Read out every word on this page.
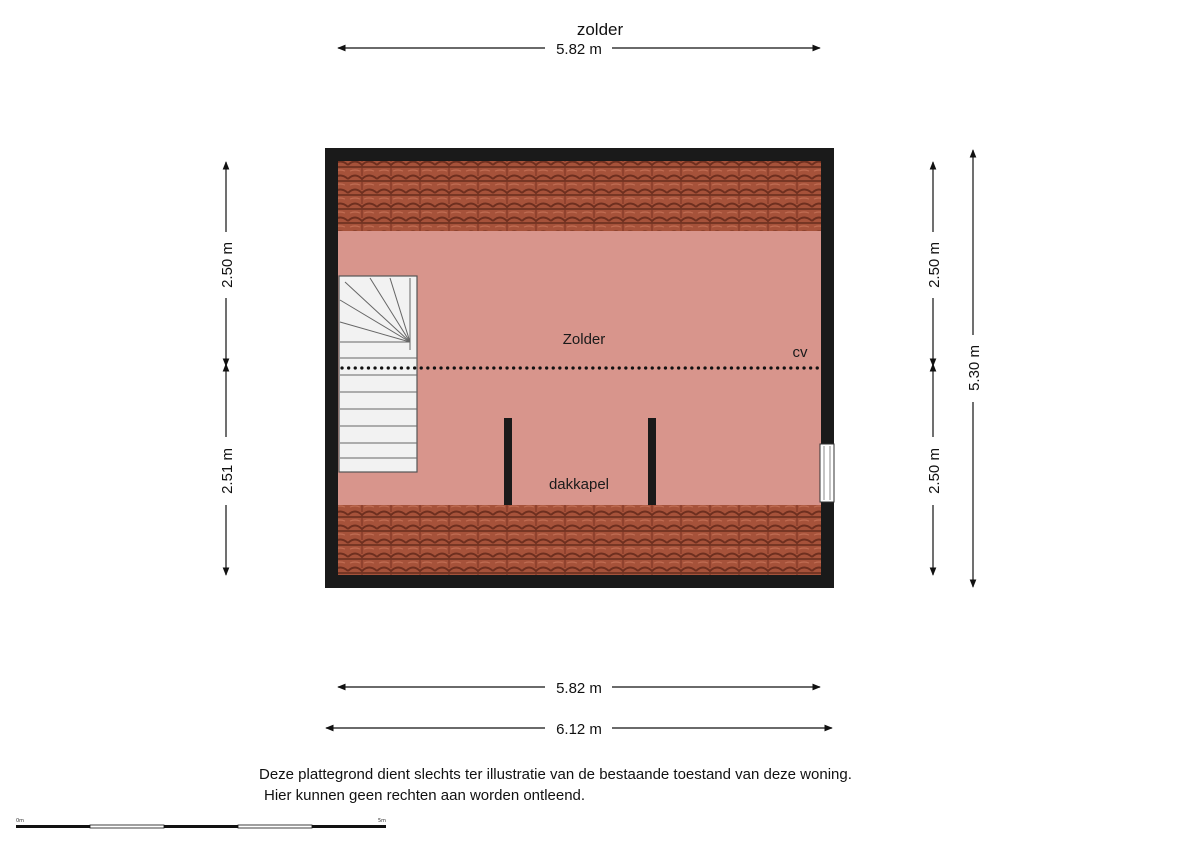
zolder
5.82 m
Zolder
cv
dakkapel
2.50 m
2.51 m
2.50 m
2.50 m
5.30 m
5.82 m
6.12 m
0m	5m
Deze plattegrond dient slechts ter illustratie van de bestaande toestand van deze woning.
Hier kunnen geen rechten aan worden ontleend.
